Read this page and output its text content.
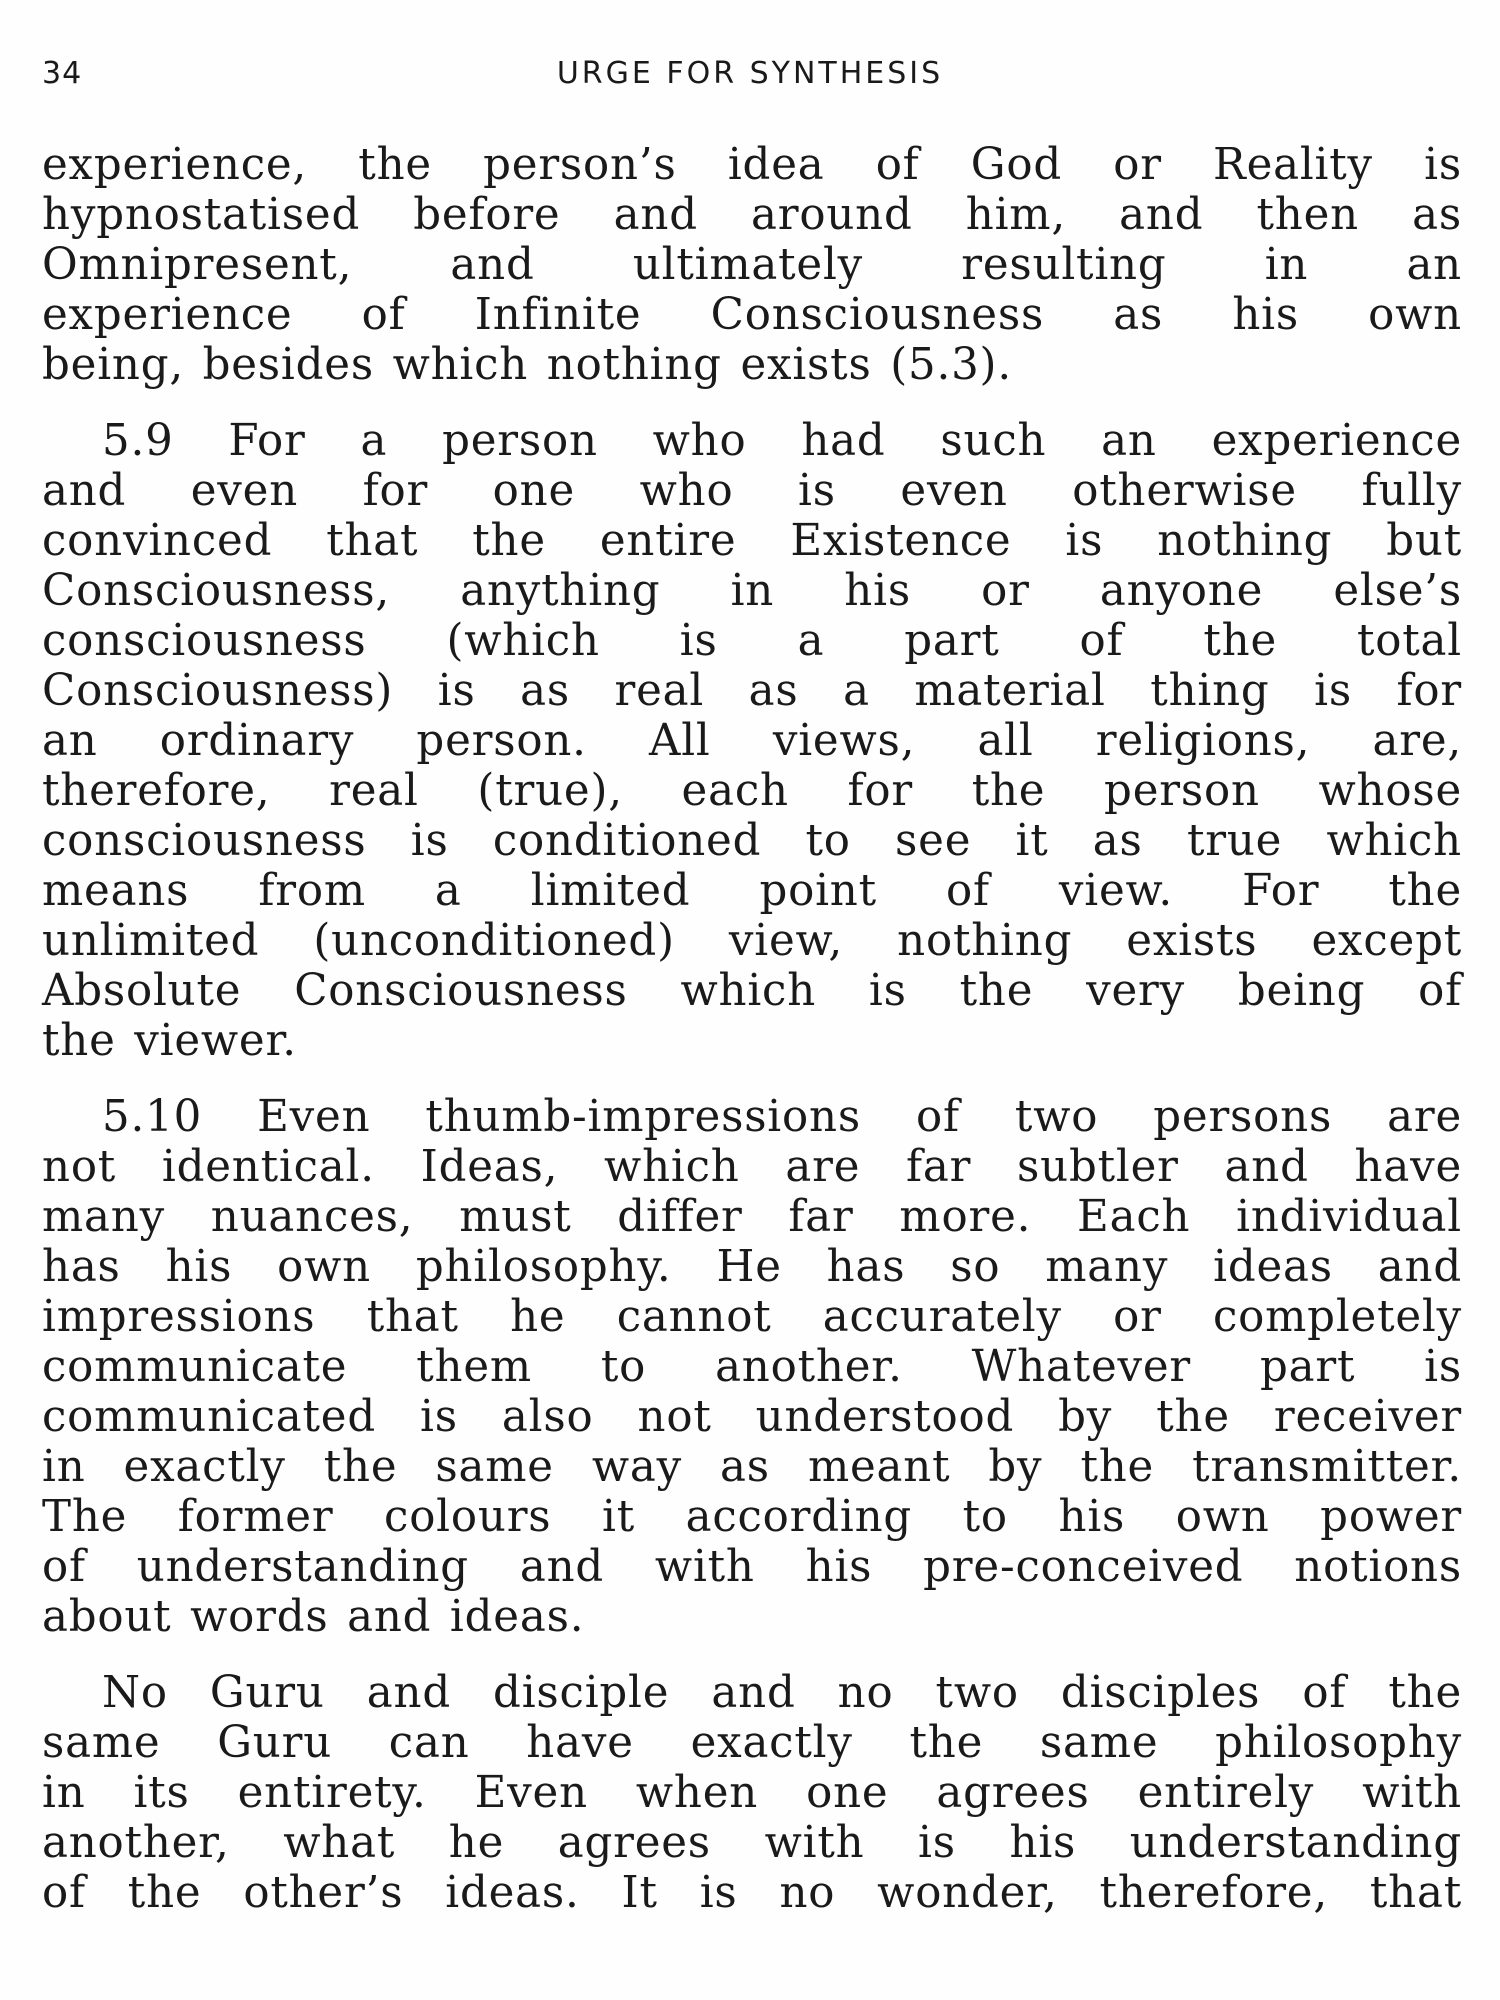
34	URGE FOR SYNTHESIS

experience, the person’s idea of God or Reality is
hypnostatised before and around him, and then as
Omnipresent, and ultimately resulting in an
experience of Infinite Consciousness as his own
being, besides which nothing exists (5.3).

5.9 For a person who had such an experience
and even for one who is even otherwise fully
convinced that the entire Existence is nothing but
Consciousness, anything in his or anyone else’s
consciousness (which is a part of the total
Consciousness) is as real as a material thing is for
an ordinary person. All views, all religions, are,
therefore, real (true), each for the person whose
consciousness is conditioned to see it as true which
means from a limited point of view. For the
unlimited (unconditioned) view, nothing exists except
Absolute Consciousness which is the very being of
the viewer.

5.10 Even thumb-impressions of two persons are
not identical. Ideas, which are far subtler and have
many nuances, must differ far more. Each individual
has his own philosophy. He has so many ideas and
impressions that he cannot accurately or completely
communicate them to another. Whatever part is
communicated is also not understood by the receiver
in exactly the same way as meant by the transmitter.
The former colours it according to his own power
of understanding and with his pre-conceived notions
about words and ideas.

No Guru and disciple and no two disciples of the
same Guru can have exactly the same philosophy
in its entirety. Even when one agrees entirely with
another, what he agrees with is his understanding
of the other’s ideas. It is no wonder, therefore, that
